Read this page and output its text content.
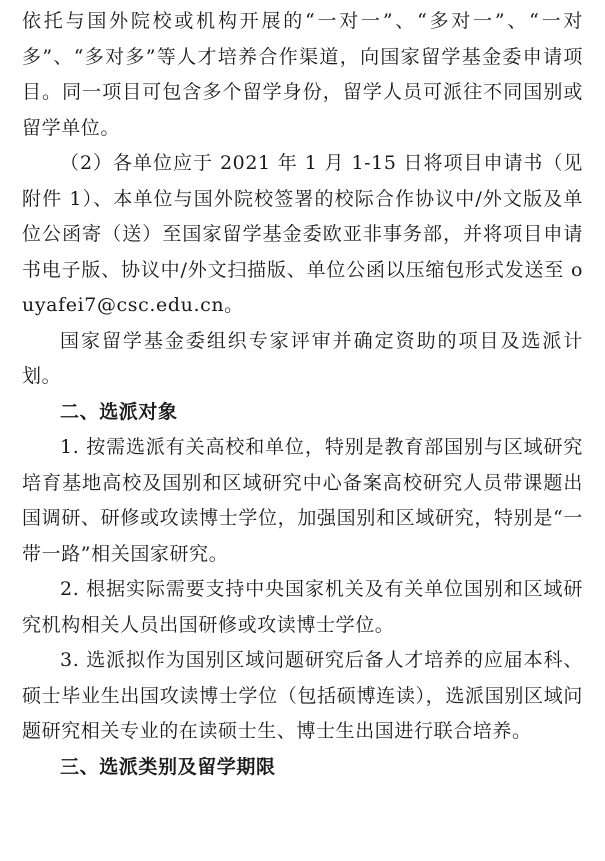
依托与国外院校或机构开展的“一对一”、“多对一”、“一对多”、“多对多”等人才培养合作渠道，向国家留学基金委申请项目。同一项目可包含多个留学身份，留学人员可派往不同国别或留学单位。

（2）各单位应于 2021 年 1 月 1-15 日将项目申请书（见附件 1）、本单位与国外院校签署的校际合作协议中/外文版及单位公函寄（送）至国家留学基金委欧亚非事务部，并将项目申请书电子版、协议中/外文扫描版、单位公函以压缩包形式发送至 ouyafei7@csc.edu.cn。

国家留学基金委组织专家评审并确定资助的项目及选派计划。

二、选派对象

1. 按需选派有关高校和单位，特别是教育部国别与区域研究培育基地高校及国别和区域研究中心备案高校研究人员带课题出国调研、研修或攻读博士学位，加强国别和区域研究，特别是“一带一路”相关国家研究。

2. 根据实际需要支持中央国家机关及有关单位国别和区域研究机构相关人员出国研修或攻读博士学位。

3. 选派拟作为国别区域问题研究后备人才培养的应届本科、硕士毕业生出国攻读博士学位（包括硕博连读），选派国别区域问题研究相关专业的在读硕士生、博士生出国进行联合培养。

三、选派类别及留学期限
